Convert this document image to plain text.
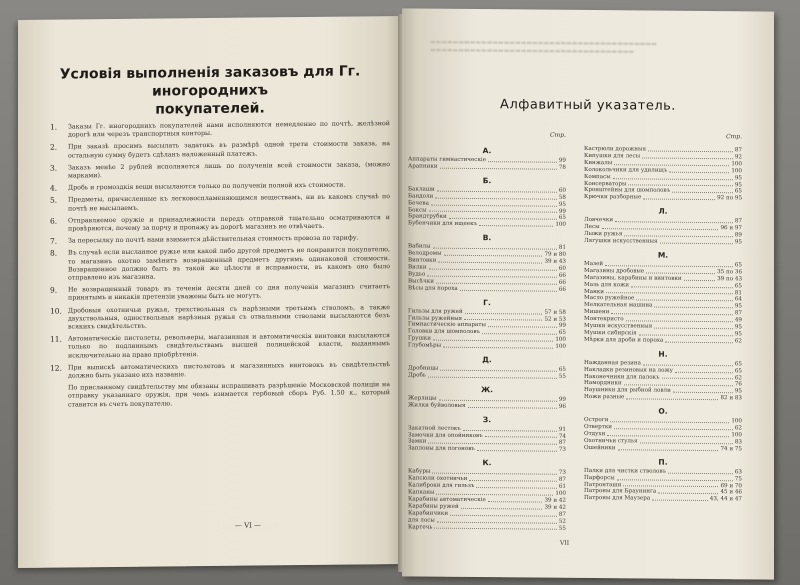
Условія выполненія заказовъ для Гг. иногороднихъ
покупателей.
1. Заказы Гг. иногороднихъ покупателей нами исполняются немедленно по почтѣ, желѣзной дорогѣ или черезъ транспортныя конторы.
2. При заказѣ просимъ высылать задатокъ въ размѣрѣ одной трети стоимости заказа, на остальную сумму будетъ сдѣланъ наложенный платежъ.
3. Заказъ менѣе 2 рублей исполняется лишь по полученіи всей стоимости заказа, (можно марками).
4. Дробь и громоздкія вещи высылаются только по полученіи полной ихъ стоимости.
5. Предметы, причисленные къ легковоспламеняющимся веществамъ, ни въ какомъ случаѣ по почтѣ не высылаемъ.
6. Отправляемое оружіе и принадлежности передъ отправкой тщательно осматриваются и провѣряются, почему за порчу и пропажу въ дорогѣ магазинъ не отвѣчаетъ.
7. За пересылку по почтѣ нами взимается дѣйствительная стоимость провоза по тарифу.
8. Въ случаѣ если высланное ружье или какой либо другой предметъ не понравится покупателю, то магазинъ охотно замѣнитъ возвращенный предметъ другимъ одинаковой стоимости. Возвращенное должно быть въ такой же цѣлости и исправности, въ какомъ оно было отправлено изъ магазина.
9. Не возвращенный товаръ въ теченіи десяти дней со дня полученія магазинъ считаетъ принятымъ и никакія претензіи уважены быть не могутъ.
10. Дробовыя охотничьи ружья, трехствольныя съ нарѣзными третьимъ стволомъ, а также двухствольныя, одноствольныя нарѣзныя ружья съ отвальными стволами высылаются безъ всякихъ свидѣтельствъ.
11. Автоматическіе пистолеты, револьверы, магазинныя и автоматическія винтовки высылаются только по подлиннымъ свидѣтельствамъ высшей полицейской власти, выданнымъ исключительно на право пріобрѣтенія.
12. При выпискѣ автоматическихъ пистолетовъ и магазинныхъ винтовокъ въ свидѣтельствѣ должно быть указано ихъ названіе.
По присланному свидѣтельству мы обязаны испрашивать разрѣшеніе Московской полиціи на отправку указаннаго оружія, при чемъ взимается гербовый сборъ Руб. 1.50 к., который ставится въ счетъ покупателю.
— VI —
▬▬▬▬▬▬▬▬▬▬▬▬▬▬▬▬▬▬▬▬▬▬▬▬▬▬▬▬▬▬▬▬▬▬▬▬▬▬▬▬
▬▬▬▬▬▬▬▬▬▬▬▬▬▬▬▬▬▬▬▬▬▬▬▬▬▬▬▬▬▬▬▬▬▬▬▬
Алфавитный указатель.
Стр.
А.
Аппараты гимнастическіе	99
Арапники	78
Б.
Баклаши	60
Бандоли	58
Бечева	95
Боксы	99
Брандтрубки	65
Бубенчики для ищеекъ	100
В.
Вабилы	81
Велодромы	79 и 80
Винтовки	39 и 43
Вилки	60
Вудьо	66
Высѣчки	66
Вѣсы для пороха	66
Г.
Гильзы для ружей	57 и 58
Гильзы ружейныя	52 и 53
Гимнастическіе аппараты	99
Головки для шомполовъ	65
Грушки	100
Глубомѣры	100
Д.
Дробницы	65
Дробь	55
Ж.
Жерлицы	99
Жилки буйволовыя	96
З.
Закатной лестокъ	91
Замочки для опойниковъ	74
Замки	87
Заплоны для погоновъ	73
К.
Кабуры	73
Капсюли охотничьи	87
Калиброки для гильзъ	61
Капканы	100
Карабины автоматическіе	39 и 42
Карабины ружей	39 и 42
Карабинчики	87
для лосы	52
Картечь	55
Стр.
Кастрюли дорожныя	87
Кипушки для лесы	92
Кинжалы	100
Колокольчики для удилищъ	100
Компасы	95
Консерваторы	95
Кронштейны для шомполовъ	65
Крючки разборные	92 по 95
Л.
Ловчечки	87
Лесы	96 и 97
Лыжи ружья	89
Лягушки искусственныя	95
М.
Мазей	65
Магазины дробовые	35 по 36
Магазины, карабины и винтовки	39 по 43
Мазь для кожи	65
Манки	81
Масло ружейное	64
Мелкательная машина	95
Мишени	87
Монтекристо	49
Мушки искусственныя	95
Мушки сибирскія	95
Мѣрки для дроби и пороха	62
Н.
Нажданная резина	65
Накладки резиновыя на ложу	65
Наконечники для палокъ	62
Намордники	76
Наушники для рыбной ловли	95
Ножи разные	82 и 83
О.
Остроги	100
Отвертки	62
Отдухи	100
Охотничьи стулья	83
Ошейники	74 и 75
П.
Палки для чистки стволовъ	63
Парфорсы	75
Патронташи	69 и 70
Патроны для Браунинга	45 и 46
Патроны для Маузера	43, 44 и 47
VII
